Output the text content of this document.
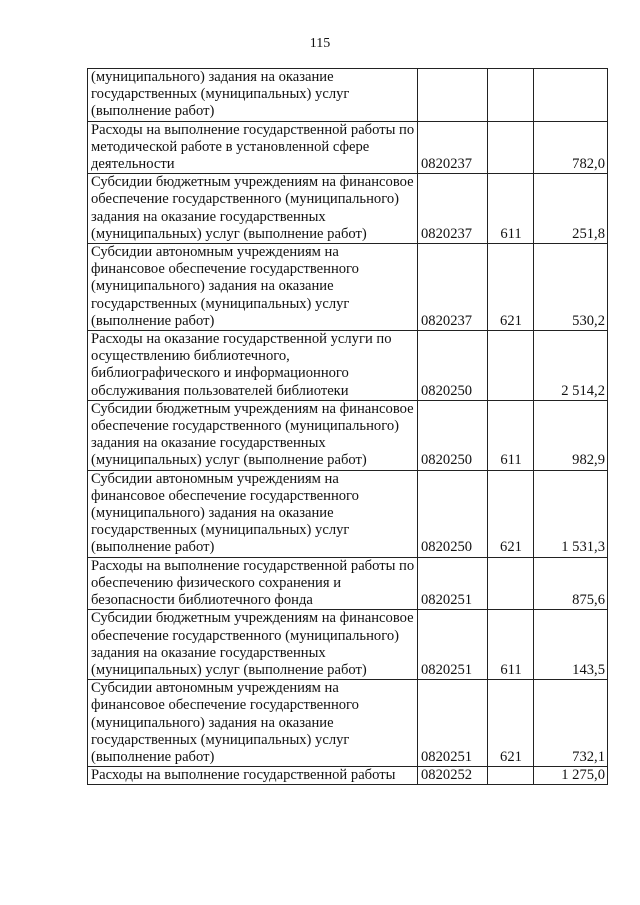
115
(муниципального) задания на оказание государственных (муниципальных) услуг (выполнение работ)			
Расходы на выполнение государственной работы по методической работе в установленной сфере деятельности	0820237		782,0
Субсидии бюджетным учреждениям на финансовое обеспечение государственного (муниципального) задания на оказание государственных (муниципальных) услуг (выполнение работ)	0820237	611	251,8
Субсидии автономным учреждениям на финансовое обеспечение государственного (муниципального) задания на оказание государственных (муниципальных) услуг (выполнение работ)	0820237	621	530,2
Расходы на оказание государственной услуги по осуществлению библиотечного, библиографического и информационного обслуживания пользователей библиотеки	0820250		2 514,2
Субсидии бюджетным учреждениям на финансовое обеспечение государственного (муниципального) задания на оказание государственных (муниципальных) услуг (выполнение работ)	0820250	611	982,9
Субсидии автономным учреждениям на финансовое обеспечение государственного (муниципального) задания на оказание государственных (муниципальных) услуг (выполнение работ)	0820250	621	1 531,3
Расходы на выполнение государственной работы по обеспечению физического сохранения и безопасности библиотечного фонда	0820251		875,6
Субсидии бюджетным учреждениям на финансовое обеспечение государственного (муниципального) задания на оказание государственных (муниципальных) услуг (выполнение работ)	0820251	611	143,5
Субсидии автономным учреждениям на финансовое обеспечение государственного (муниципального) задания на оказание государственных (муниципальных) услуг (выполнение работ)	0820251	621	732,1
Расходы на выполнение государственной работы	0820252		1 275,0
